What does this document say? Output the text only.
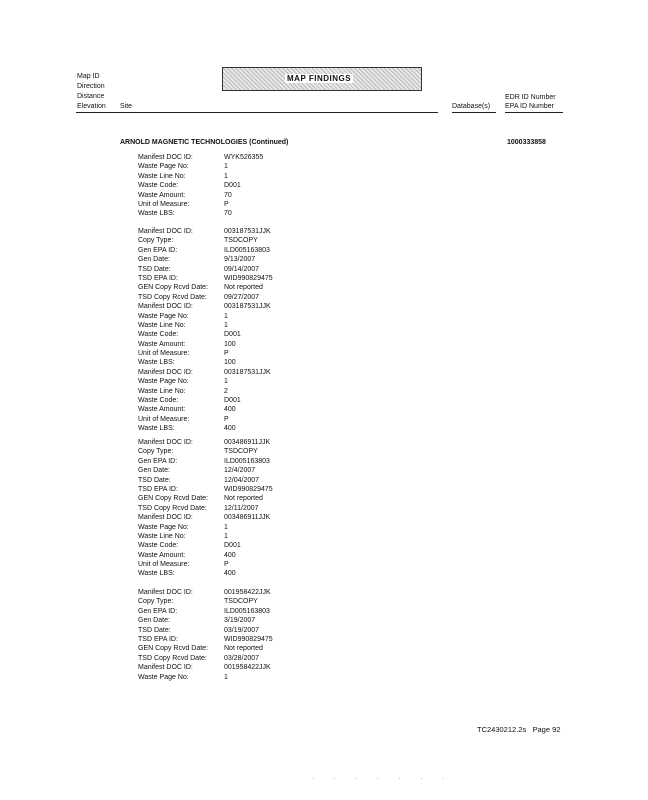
Map ID
Direction
Distance
Elevation Site
MAP FINDINGS
Database(s)
EDR ID Number
EPA ID Number
ARNOLD MAGNETIC TECHNOLOGIES (Continued)	1000333858
Manifest DOC ID:	WYK526355
Waste Page No:	1
Waste Line No:	1
Waste Code:	D001
Waste Amount:	70
Unit of Measure:	P
Waste LBS:	70
Manifest DOC ID:	003187531JJK
Copy Type:	TSDCOPY
Gen EPA ID:	ILD005163803
Gen Date:	9/13/2007
TSD Date:	09/14/2007
TSD EPA ID:	WID990829475
GEN Copy Rcvd Date:	Not reported
TSD Copy Rcvd Date:	09/27/2007
Manifest DOC ID:	003187531JJK
Waste Page No:	1
Waste Line No:	1
Waste Code:	D001
Waste Amount:	100
Unit of Measure:	P
Waste LBS:	100
Manifest DOC ID:	003187531JJK
Waste Page No:	1
Waste Line No:	2
Waste Code:	D001
Waste Amount:	400
Unit of Measure:	P
Waste LBS:	400
Manifest DOC ID:	003486911JJK
Copy Type:	TSDCOPY
Gen EPA ID:	ILD005163803
Gen Date:	12/4/2007
TSD Date:	12/04/2007
TSD EPA ID:	WID990829475
GEN Copy Rcvd Date:	Not reported
TSD Copy Rcvd Date:	12/11/2007
Manifest DOC ID:	003486911JJK
Waste Page No:	1
Waste Line No:	1
Waste Code:	D001
Waste Amount:	400
Unit of Measure:	P
Waste LBS:	400
Manifest DOC ID:	001958422JJK
Copy Type:	TSDCOPY
Gen EPA ID:	ILD005163803
Gen Date:	3/19/2007
TSD Date:	03/19/2007
TSD EPA ID:	WID990829475
GEN Copy Rcvd Date:	Not reported
TSD Copy Rcvd Date:	03/28/2007
Manifest DOC ID:	001958422JJK
Waste Page No:	1
TC2430212.2s Page 92
· · · · · · ·
